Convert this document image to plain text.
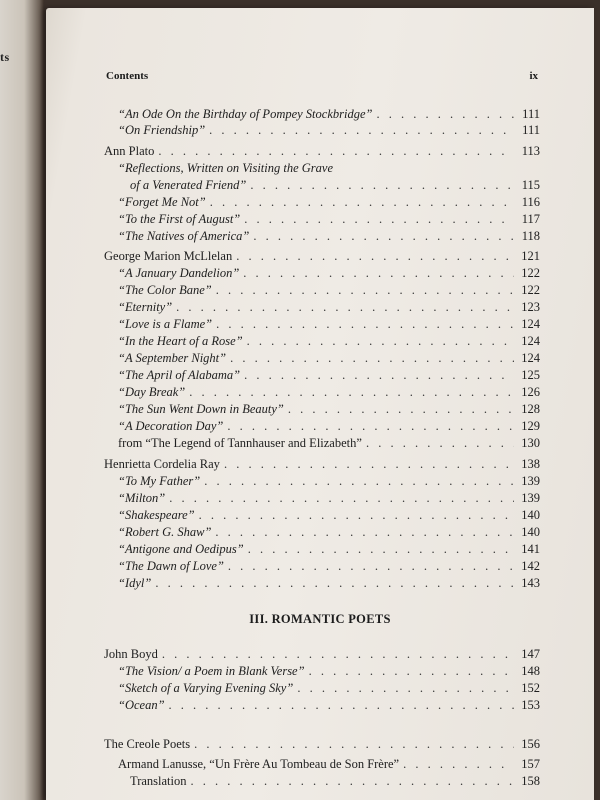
ts
Contents	ix
“An Ode On the Birthday of Pompey Stockbridge” . . .	111
“On Friendship” . . .	111
Ann Plato . . .	113
“Reflections, Written on Visiting the Grave
of a Venerated Friend” . . .	115
“Forget Me Not” . . .	116
“To the First of August” . . .	117
“The Natives of America” . . .	118
George Marion McLlelan . . .	121
“A January Dandelion” . . .	122
“The Color Bane” . . .	122
“Eternity” . . .	123
“Love is a Flame” . . .	124
“In the Heart of a Rose” . . .	124
“A September Night” . . .	124
“The April of Alabama” . . .	125
“Day Break” . . .	126
“The Sun Went Down in Beauty” . . .	128
“A Decoration Day” . . .	129
from “The Legend of Tannhauser and Elizabeth” . . .	130
Henrietta Cordelia Ray . . .	138
“To My Father” . . .	139
“Milton” . . .	139
“Shakespeare” . . .	140
“Robert G. Shaw” . . .	140
“Antigone and Oedipus” . . .	141
“The Dawn of Love” . . .	142
“Idyl” . . .	143
III. ROMANTIC POETS
John Boyd . . .	147
“The Vision/ a Poem in Blank Verse” . . .	148
“Sketch of a Varying Evening Sky” . . .	152
“Ocean” . . .	153
The Creole Poets . . .	156
Armand Lanusse, “Un Frère Au Tombeau de Son Frère” . . .	157
Translation . . .	158
